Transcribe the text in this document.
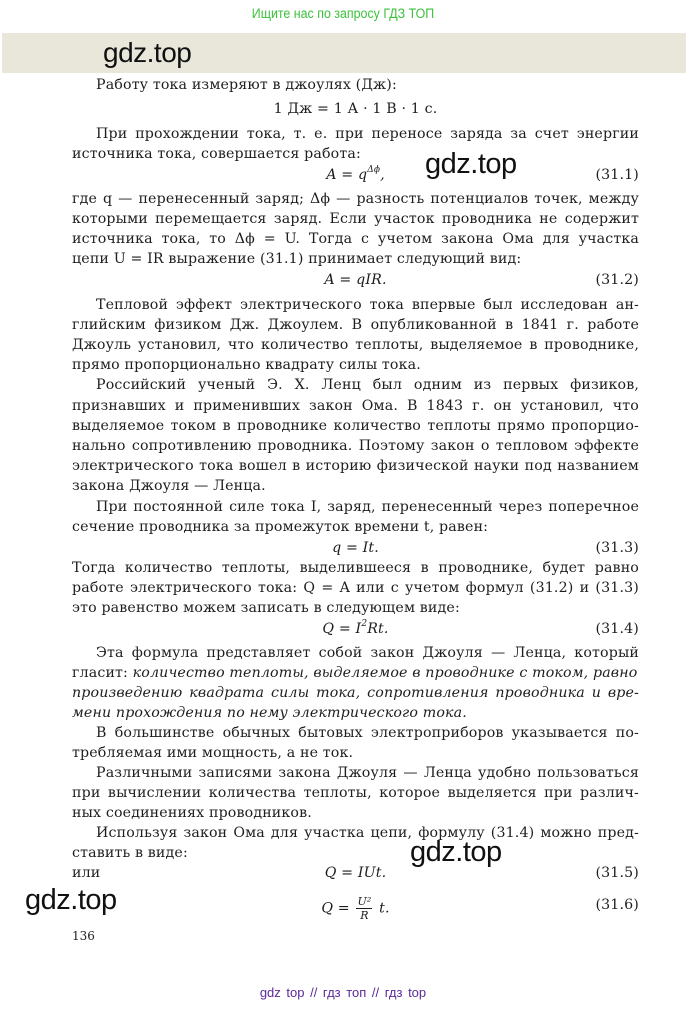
Ищите нас по запросу ГДЗ ТОП
gdz.top
Работу тока измеряют в джоулях (Дж):
1 Дж = 1 А · 1 В · 1 с.
При прохождении тока, т. е. при переносе заряда за счет энергии
источника тока, совершается работа:
$A = q^{\Delta\phi}$,	(31.1)
где q — перенесенный заряд; Δϕ — разность потенциалов точек, между
которыми перемещается заряд. Если участок проводника не содержит
источника тока, то Δϕ = U. Тогда с учетом закона Ома для участка
цепи U = IR выражение (31.1) принимает следующий вид:
A = qIR.	(31.2)
Тепловой эффект электрического тока впервые был исследован ан-
глийским физиком Дж. Джоулем. В опубликованной в 1841 г. работе
Джоуль установил, что количество теплоты, выделяемое в проводнике,
прямо пропорционально квадрату силы тока.
Российский ученый Э. Х. Ленц был одним из первых физиков,
признавших и применивших закон Ома. В 1843 г. он установил, что
выделяемое током в проводнике количество теплоты прямо пропорцио-
нально сопротивлению проводника. Поэтому закон о тепловом эффекте
электрического тока вошел в историю физической науки под названием
закона Джоуля — Ленца.
При постоянной силе тока I, заряд, перенесенный через поперечное
сечение проводника за промежуток времени t, равен:
q = It.	(31.3)
Тогда количество теплоты, выделившееся в проводнике, будет равно
работе электрического тока: Q = A или с учетом формул (31.2) и (31.3)
это равенство можем записать в следующем виде:
$Q = I^2Rt$.	(31.4)
Эта формула представляет собой закон Джоуля — Ленца, который
гласит: количество теплоты, выделяемое в проводнике с током, равно
произведению квадрата силы тока, сопротивления проводника и вре-
мени прохождения по нему электрического тока.
В большинстве обычных бытовых электроприборов указывается по-
требляемая ими мощность, а не ток.
Различными записями закона Джоуля — Ленца удобно пользоваться
при вычислении количества теплоты, которое выделяется при различ-
ных соединениях проводников.
Используя закон Ома для участка цепи, формулу (31.4) можно пред-
ставить в виде:
Q = IUt.	(31.5)
или
$Q = \frac{\text{U²}}{R} t$.	(31.6)
gdz.top
gdz.top
gdz.top
136
gdz top // гдз топ // гдз top
